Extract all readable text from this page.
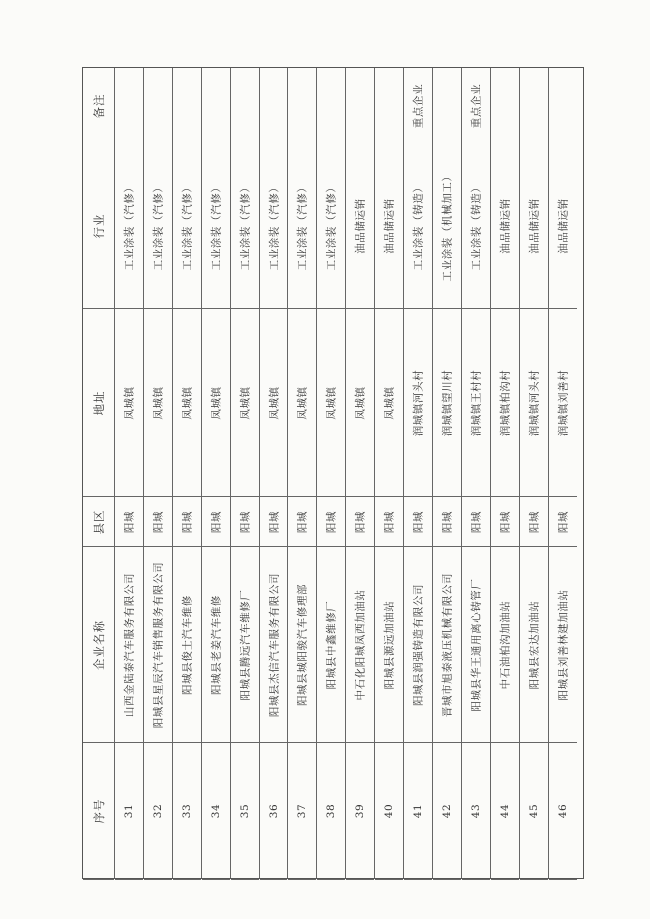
序号
企业名称
县区
地址
行业
备注
31
山西金陆泰汽车服务有限公司
阳城
凤城镇
工业涂装（汽修）
32
阳城县星辰汽车销售服务有限公司
阳城
凤城镇
工业涂装（汽修）
33
阳城县俊士汽车维修
阳城
凤城镇
工业涂装（汽修）
34
阳城县老姜汽车维修
阳城
凤城镇
工业涂装（汽修）
35
阳城县腾远汽车维修厂
阳城
凤城镇
工业涂装（汽修）
36
阳城县杰信汽车服务有限公司
阳城
凤城镇
工业涂装（汽修）
37
阳城县城阳骏汽车修理部
阳城
凤城镇
工业涂装（汽修）
38
阳城县中鑫维修厂
阳城
凤城镇
工业涂装（汽修）
39
中石化阳城凤西加油站
阳城
凤城镇
油品储运销
40
阳城县源远加油站
阳城
凤城镇
油品储运销
41
阳城县润强铸造有限公司
阳城
润城镇河头村
工业涂装（铸造）
重点企业
42
晋城市旭泰液压机械有限公司
阳城
润城镇望川村
工业涂装（机械加工）
43
阳城县华王通用离心铸管厂
阳城
润城镇王村村
工业涂装（铸造）
重点企业
44
中石油柏沟加油站
阳城
润城镇柏沟村
油品储运销
45
阳城县宏达加油站
阳城
润城镇河头村
油品储运销
46
阳城县刘善林建加油站
阳城
润城镇刘善村
油品储运销
